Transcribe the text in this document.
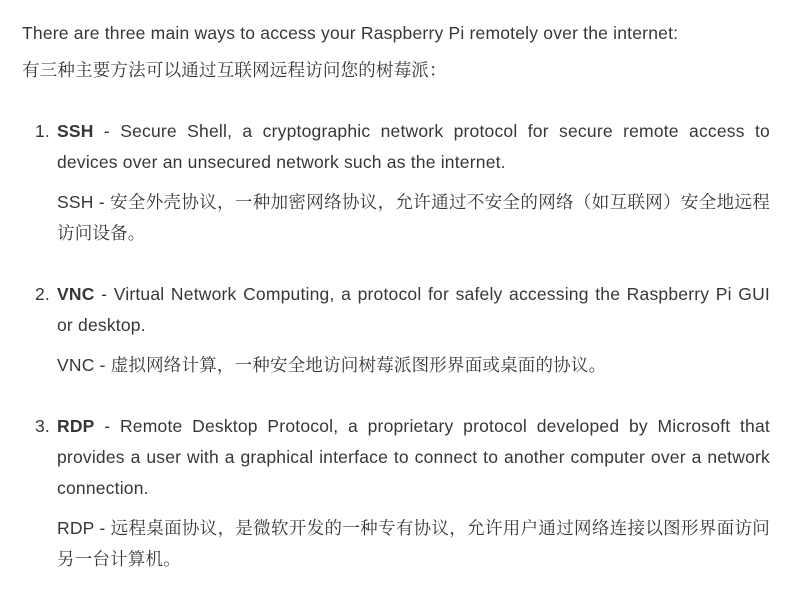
There are three main ways to access your Raspberry Pi remotely over the internet:

有三种主要方法可以通过互联网远程访问您的树莓派：

1. SSH - Secure Shell, a cryptographic network protocol for secure remote access to devices over an unsecured network such as the internet.

SSH - 安全外壳协议，一种加密网络协议，允许通过不安全的网络（如互联网）安全地远程访问设备。

2. VNC - Virtual Network Computing, a protocol for safely accessing the Raspberry Pi GUI or desktop.

VNC - 虚拟网络计算，一种安全地访问树莓派图形界面或桌面的协议。

3. RDP - Remote Desktop Protocol, a proprietary protocol developed by Microsoft that provides a user with a graphical interface to connect to another computer over a network connection.

RDP - 远程桌面协议，是微软开发的一种专有协议，允许用户通过网络连接以图形界面访问另一台计算机。
